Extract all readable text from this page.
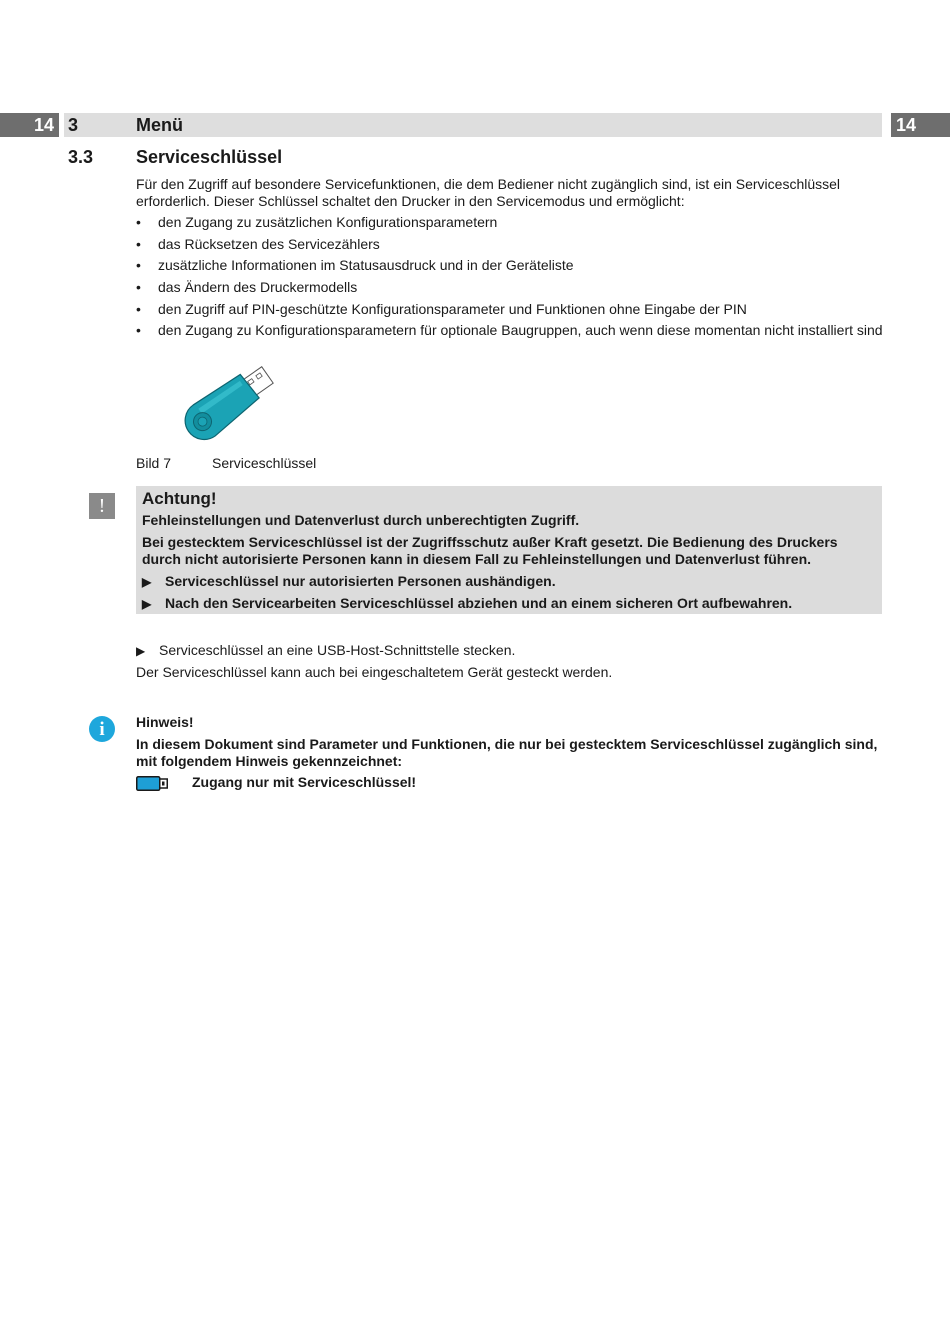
14 3	Menü	14
3.3 Serviceschlüssel
Für den Zugriff auf besondere Servicefunktionen, die dem Bediener nicht zugänglich sind, ist ein Serviceschlüssel erforderlich. Dieser Schlüssel schaltet den Drucker in den Servicemodus und ermöglicht:
• den Zugang zu zusätzlichen Konfigurationsparametern
• das Rücksetzen des Servicezählers
• zusätzliche Informationen im Statusausdruck und in der Geräteliste
• das Ändern des Druckermodells
• den Zugriff auf PIN-geschützte Konfigurationsparameter und Funktionen ohne Eingabe der PIN
• den Zugang zu Konfigurationsparametern für optionale Baugruppen, auch wenn diese momentan nicht installiert sind
Bild 7	Serviceschlüssel
!	Achtung!
Fehleinstellungen und Datenverlust durch unberechtigten Zugriff.
Bei gestecktem Serviceschlüssel ist der Zugriffsschutz außer Kraft gesetzt. Die Bedienung des Druckers durch nicht autorisierte Personen kann in diesem Fall zu Fehleinstellungen und Datenverlust führen.
▶ Serviceschlüssel nur autorisierten Personen aushändigen.
▶ Nach den Servicearbeiten Serviceschlüssel abziehen und an einem sicheren Ort aufbewahren.
▶ Serviceschlüssel an eine USB-Host-Schnittstelle stecken.
Der Serviceschlüssel kann auch bei eingeschaltetem Gerät gesteckt werden.
i	Hinweis!
In diesem Dokument sind Parameter und Funktionen, die nur bei gestecktem Serviceschlüssel zugänglich sind, mit folgendem Hinweis gekennzeichnet:
Zugang nur mit Serviceschlüssel!
